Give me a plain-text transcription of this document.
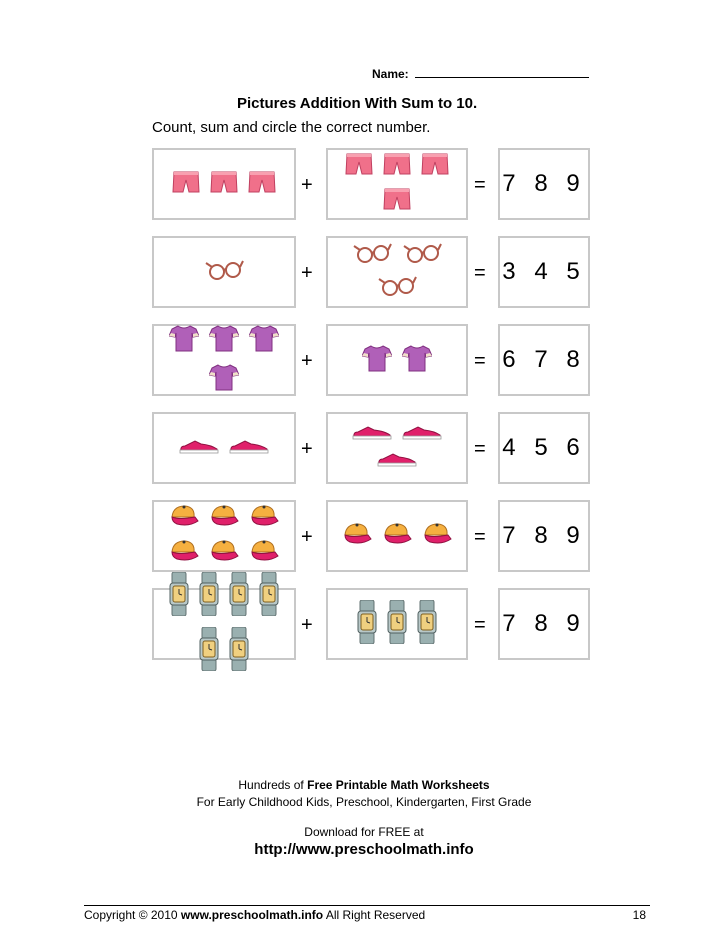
Name:
Pictures Addition With Sum to 10.
Count, sum and circle the correct number.
+	= 7 8 9
+	= 3 4 5
+	= 6 7 8
+	= 4 5 6
+	= 7 8 9
+	= 7 8 9
Hundreds of Free Printable Math Worksheets
For Early Childhood Kids, Preschool, Kindergarten, First Grade
Download for FREE at
http://www.preschoolmath.info
Copyright © 2010 www.preschoolmath.info All Right Reserved	18
